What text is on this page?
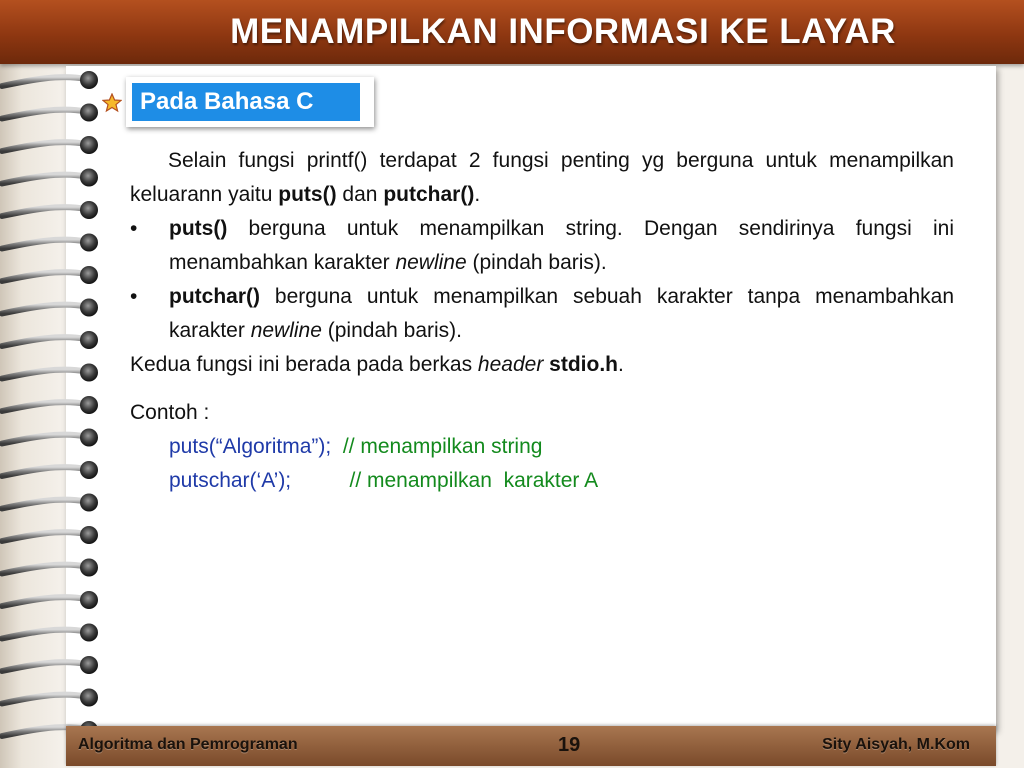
MENAMPILKAN INFORMASI KE LAYAR
Pada Bahasa C
Selain fungsi printf() terdapat 2 fungsi penting yg berguna untuk menampilkan keluarann yaitu puts() dan putchar().
• puts() berguna untuk menampilkan string. Dengan sendirinya fungsi ini menambahkan karakter newline (pindah baris).
• putchar() berguna untuk menampilkan sebuah karakter tanpa menambahkan karakter newline (pindah baris).
Kedua fungsi ini berada pada berkas header stdio.h.
Contoh :
puts(“Algoritma”);  // menampilkan string
putschar(‘A’);          // menampilkan  karakter A
Algoritma dan Pemrograman	19	Sity Aisyah, M.Kom
